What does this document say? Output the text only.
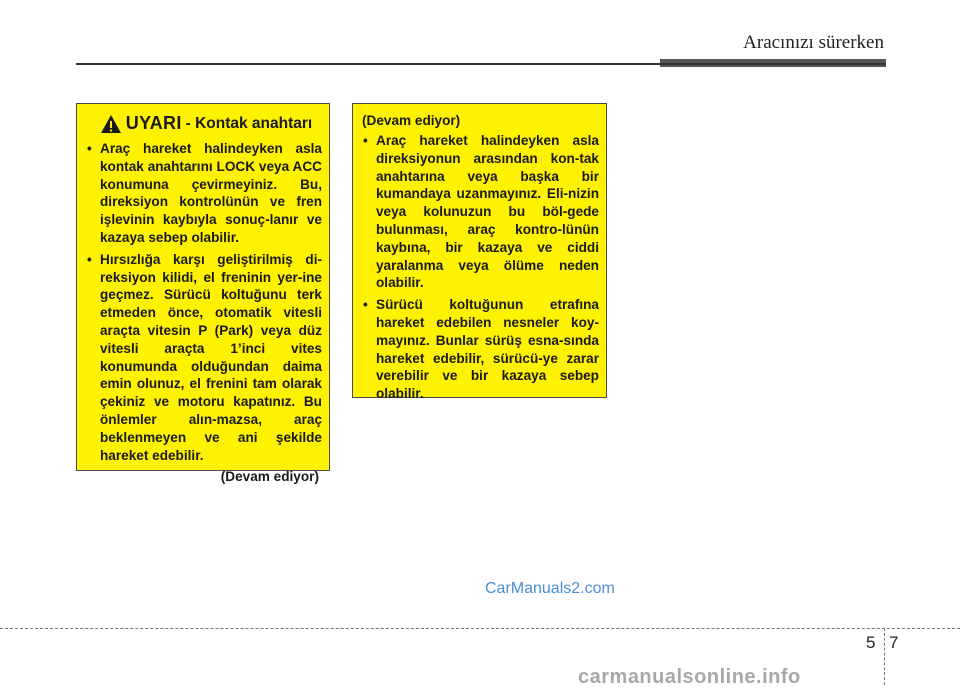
Aracınızı sürerken
UYARI - Kontak anahtarı
• Araç hareket halindeyken asla kontak anahtarını LOCK veya ACC konumuna çevirmeyiniz. Bu, direksiyon kontrolünün ve fren işlevinin kaybıyla sonuç-lanır ve kazaya sebep olabilir.
• Hırsızlığa karşı geliştirilmiş di-reksiyon kilidi, el freninin yer-ine geçmez. Sürücü koltuğunu terk etmeden önce, otomatik vitesli araçta vitesin P (Park) veya düz vitesli araçta 1’inci vites konumunda olduğundan daima emin olunuz, el frenini tam olarak çekiniz ve motoru kapatınız. Bu önlemler alın-mazsa, araç beklenmeyen ve ani şekilde hareket edebilir.
(Devam ediyor)
(Devam ediyor)
• Araç hareket halindeyken asla direksiyonun arasından kon-tak anahtarına veya başka bir kumandaya uzanmayınız. Eli-nizin veya kolunuzun bu böl-gede bulunması, araç kontro-lünün kaybına, bir kazaya ve ciddi yaralanma veya ölüme neden olabilir.
• Sürücü koltuğunun etrafına hareket edebilen nesneler koy-mayınız. Bunlar sürüş esna-sında hareket edebilir, sürücü-ye zarar verebilir ve bir kazaya sebep olabilir.
CarManuals2.com
5 7
carmanualsonline.info
